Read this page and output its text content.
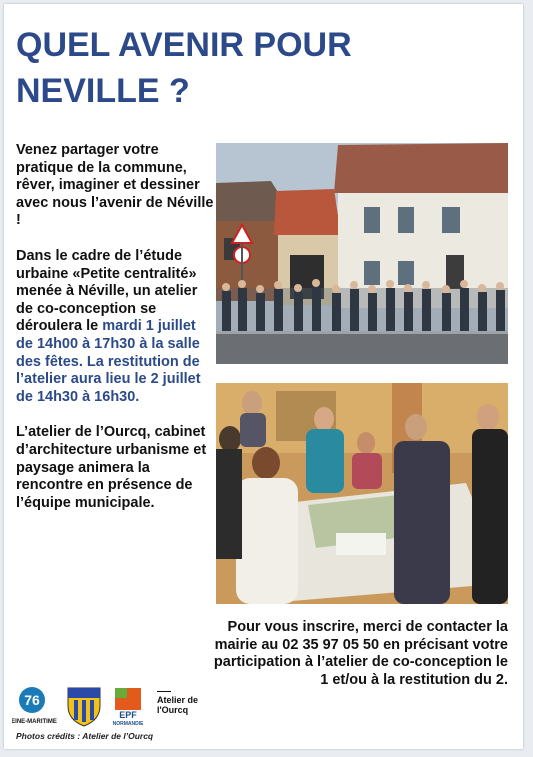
QUEL AVENIR POUR NEVILLE ?

Venez partager votre pratique de la commune, rêver, imaginer et dessiner avec nous l’avenir de Néville !

Dans le cadre de l’étude urbaine «Petite centralité» menée à Néville, un atelier de co-conception se déroulera le mardi 1 juillet de 14h00 à 17h30 à la salle des fêtes. La restitution de l’atelier aura lieu le 2 juillet de 14h30 à 16h30.

L’atelier de l’Ourcq, cabinet d’architecture urbanisme et paysage animera la rencontre en présence de l’équipe municipale.

Pour vous inscrire, merci de contacter la mairie au 02 35 97 05 50 en précisant votre participation à l’atelier de co-conception le 1 et/ou à la restitution du 2.

76
SEINE-MARITIME
EPF
NORMANDIE
Atelier de l'Ourcq
Photos crédits : Atelier de l’Ourcq
